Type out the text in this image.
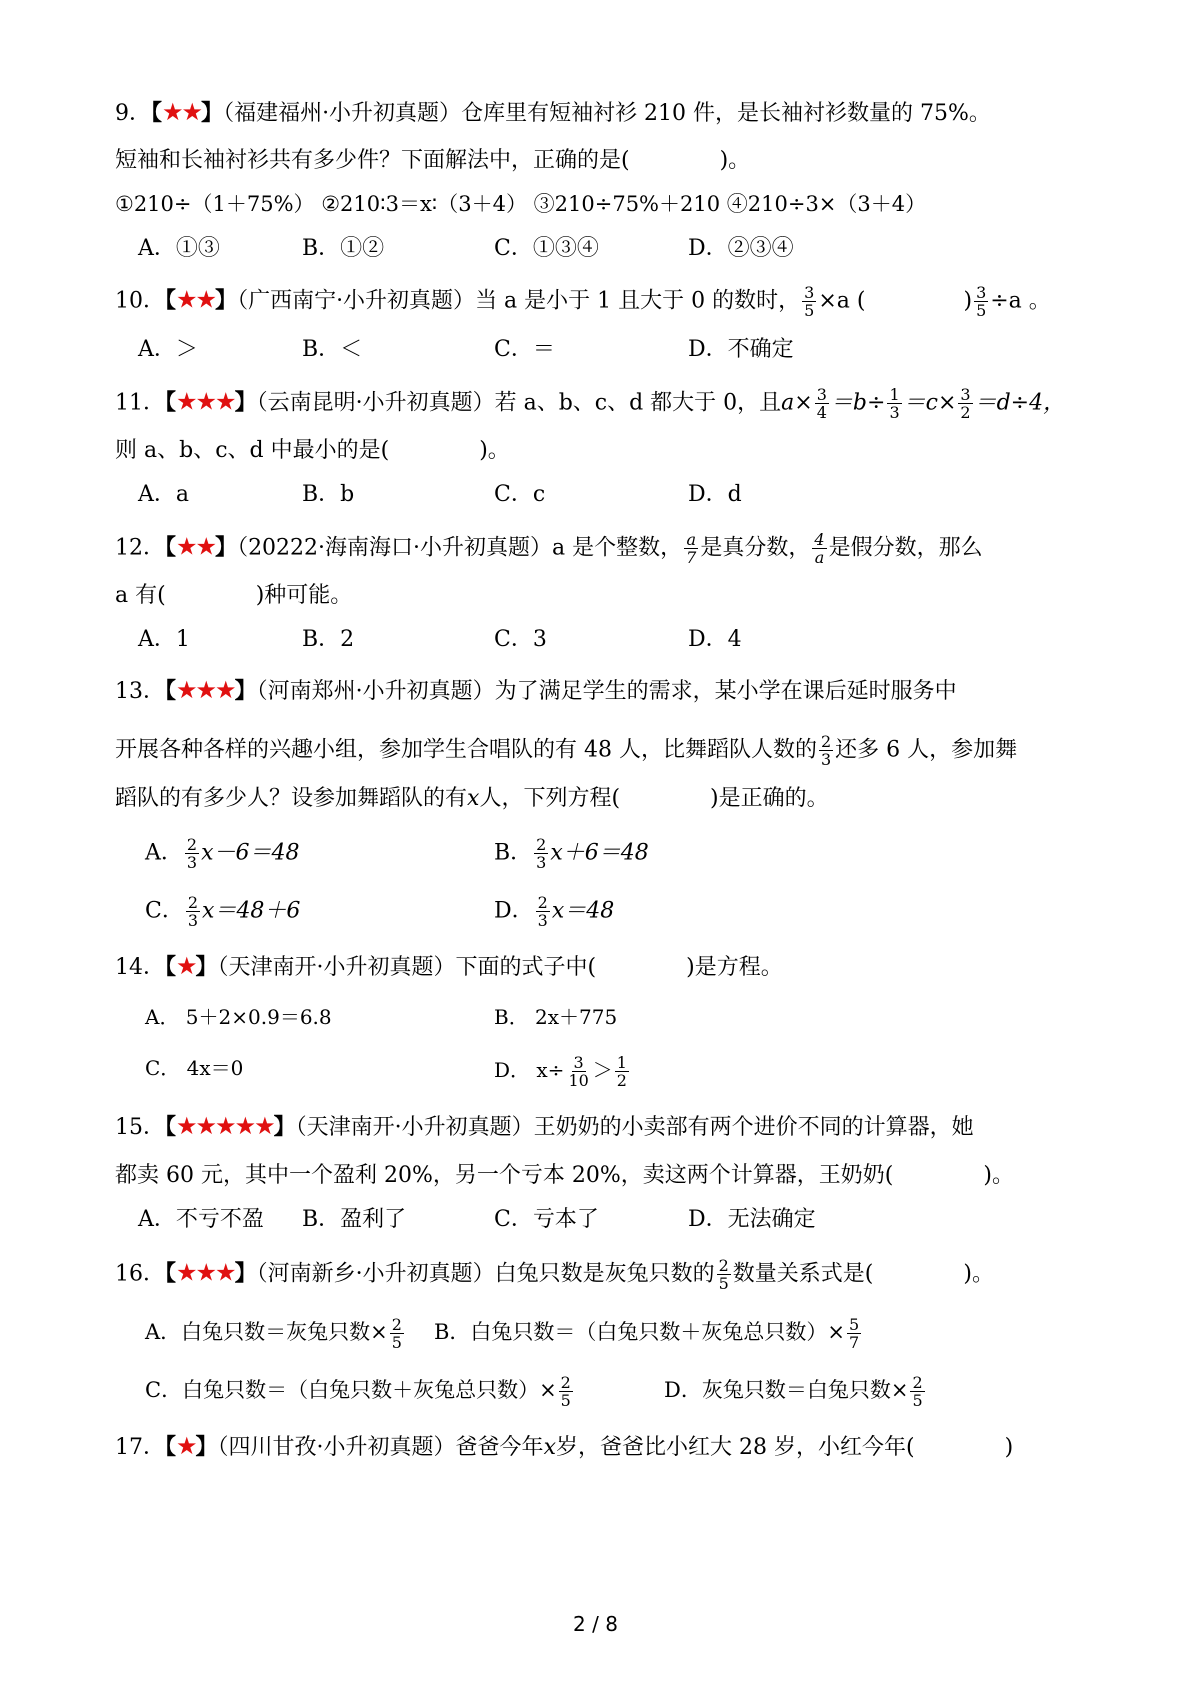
9．【★★】（福建福州·小升初真题）仓库里有短袖衬衫 210 件，是长袖衬衫数量的 75%。
短袖和长袖衬衫共有多少件？下面解法中，正确的是(	)。
①210÷（1＋75%） ②210∶3＝x∶（3＋4） ③210÷75%＋210 ④210÷3×（3＋4）
A．①③	B．①②	C．①③④	D．②③④
10．【★★】（广西南宁·小升初真题）当 a 是小于 1 且大于 0 的数时， $\frac{3}{5} \times a$ (	) $\frac{3}{5} \div a$ 。
A．＞	B．＜	C．＝	D．不确定
11．【★★★】（云南昆明·小升初真题）若 a、b、c、d 都大于 0，且$a\times \frac{3}{4} =b\div \frac{1}{3} =c\times \frac{3}{2} =d\div 4$，
则 a、b、c、d 中最小的是(	)。
A．a	B．b	C．c	D．d
12．【★★】（20222·海南海口·小升初真题）a 是个整数， $\frac{a}{7}$ 是真分数， $\frac{4}{a}$ 是假分数，那么
a 有(	)种可能。
A．1	B．2	C．3	D．4
13．【★★★】（河南郑州·小升初真题）为了满足学生的需求，某小学在课后延时服务中
开展各种各样的兴趣小组，参加学生合唱队的有 48 人，比舞蹈队人数的 $\frac{2}{3}$ 还多 6 人，参加舞
蹈队的有多少人？设参加舞蹈队的有x人，下列方程(	)是正确的。
A． $\frac{2}{3} x-6=48$	B． $\frac{2}{3} x+6=48$
C． $\frac{2}{3} x=48+6$	D． $\frac{2}{3} x=48$
14．【★】（天津南开·小升初真题）下面的式子中(	)是方程。
A． 5＋2×0.9＝6.8	B． 2x＋775
C． 4x＝0	D． $x\div \frac{3}{10} > \frac{1}{2}$
15．【★★★★★】（天津南开·小升初真题）王奶奶的小卖部有两个进价不同的计算器，她
都卖 60 元，其中一个盈利 20%，另一个亏本 20%，卖这两个计算器，王奶奶(	)。
A．不亏不盈 B．盈利了	C．亏本了	D．无法确定
16．【★★★】（河南新乡·小升初真题）白兔只数是灰兔只数的 $\frac{2}{5}$ 数量关系式是(	)。
A．白兔只数＝灰兔只数× $\frac{2}{5}$ B．白兔只数＝（白兔只数＋灰兔总只数）× $\frac{5}{7}$
C．白兔只数＝（白兔只数＋灰兔总只数）× $\frac{2}{5}$	D．灰兔只数＝白兔只数× $\frac{2}{5}$
17．【★】（四川甘孜·小升初真题）爸爸今年x岁，爸爸比小红大 28 岁，小红今年(	)
2 / 8
